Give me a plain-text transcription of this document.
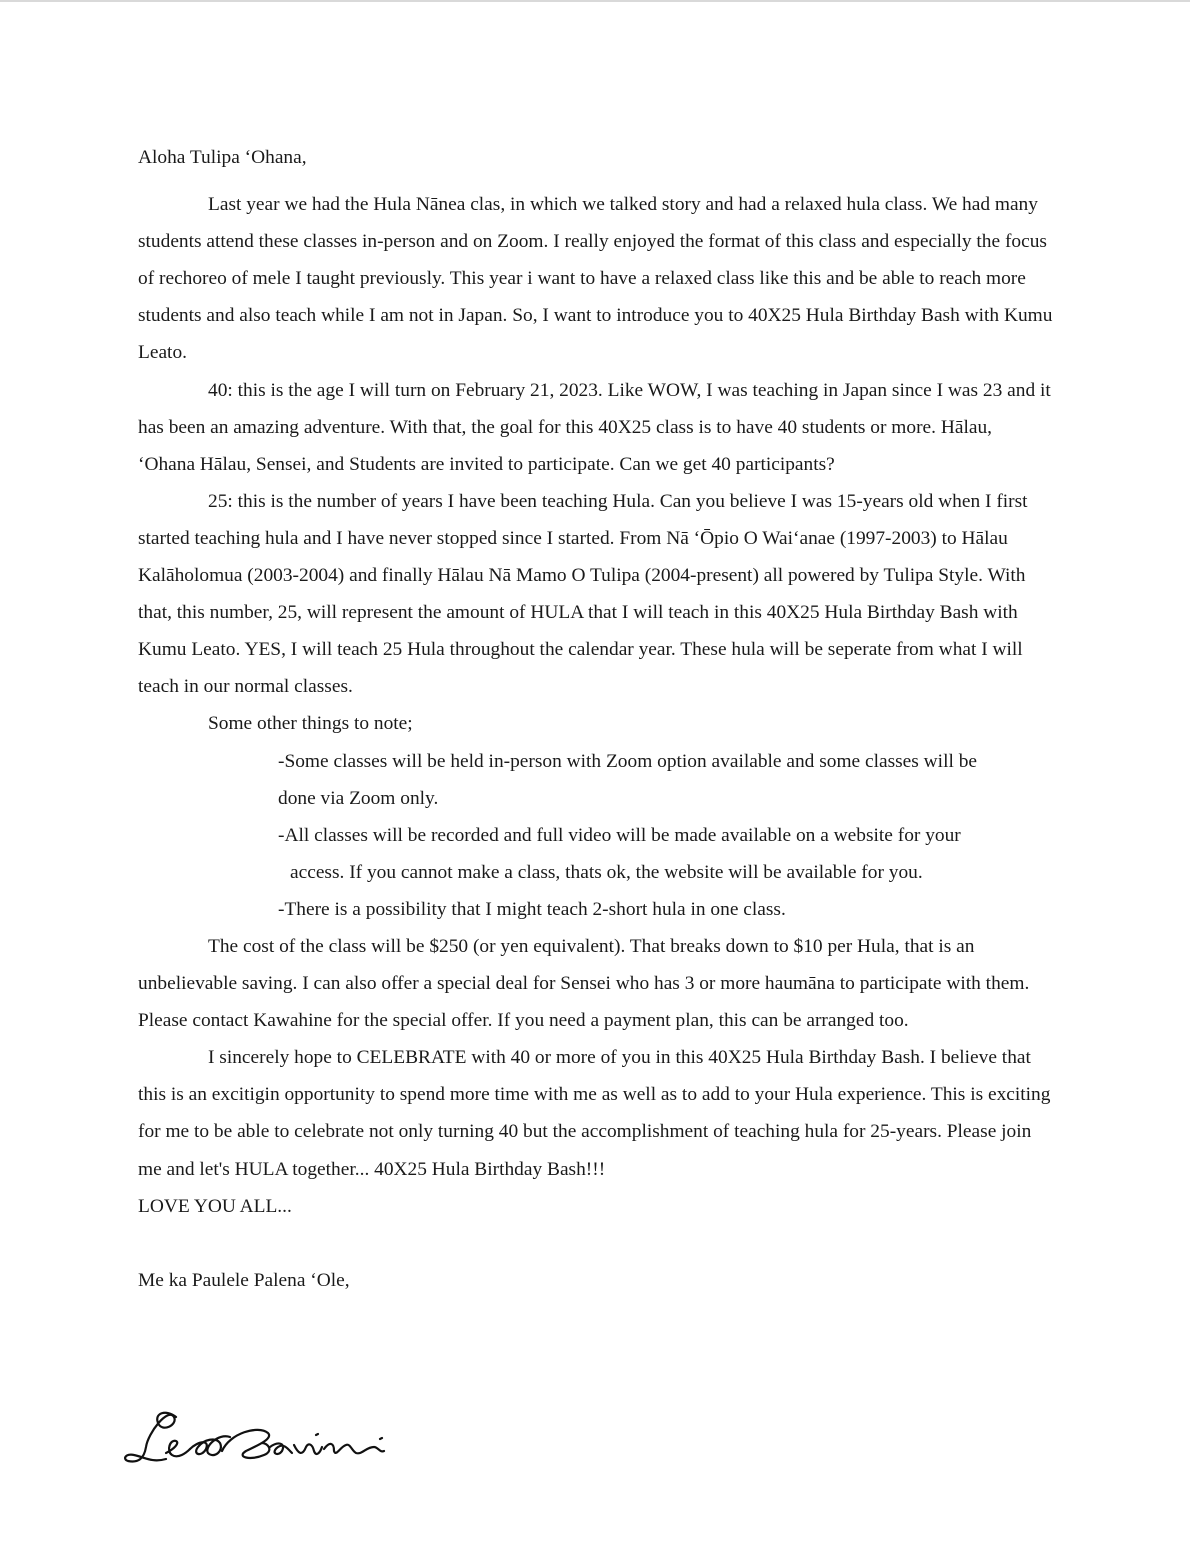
Aloha Tulipa ‘Ohana,

Last year we had the Hula Nānea clas, in which we talked story and had a relaxed hula class. We had many students attend these classes in-person and on Zoom. I really enjoyed the format of this class and especially the focus of rechoreo of mele I taught previously. This year i want to have a relaxed class like this and be able to reach more students and also teach while I am not in Japan. So, I want to introduce you to 40X25 Hula Birthday Bash with Kumu Leato.

40: this is the age I will turn on February 21, 2023. Like WOW, I was teaching in Japan since I was 23 and it has been an amazing adventure. With that, the goal for this 40X25 class is to have 40 students or more. Hālau, ‘Ohana Hālau, Sensei, and Students are invited to participate. Can we get 40 participants?

25: this is the number of years I have been teaching Hula. Can you believe I was 15-years old when I first started teaching hula and I have never stopped since I started. From Nā ‘Ōpio O Wai‘anae (1997-2003) to Hālau Kalāholomua (2003-2004) and finally Hālau Nā Mamo O Tulipa (2004-present) all powered by Tulipa Style. With that, this number, 25, will represent the amount of HULA that I will teach in this 40X25 Hula Birthday Bash with Kumu Leato. YES, I will teach 25 Hula throughout the calendar year. These hula will be seperate from what I will teach in our normal classes.

Some other things to note;

-Some classes will be held in-person with Zoom option available and some classes will be done via Zoom only.
-All classes will be recorded and full video will be made available on a website for your access. If you cannot make a class, thats ok, the website will be available for you.
-There is a possibility that I might teach 2-short hula in one class.

The cost of the class will be $250 (or yen equivalent). That breaks down to $10 per Hula, that is an unbelievable saving. I can also offer a special deal for Sensei who has 3 or more haumāna to participate with them. Please contact Kawahine for the special offer. If you need a payment plan, this can be arranged too.

I sincerely hope to CELEBRATE with 40 or more of you in this 40X25 Hula Birthday Bash. I believe that this is an excitigin opportunity to spend more time with me as well as to add to your Hula experience. This is exciting for me to be able to celebrate not only turning 40 but the accomplishment of teaching hula for 25-years. Please join me and let's HULA together... 40X25 Hula Birthday Bash!!!

LOVE YOU ALL...

Me ka Paulele Palena ‘Ole,
